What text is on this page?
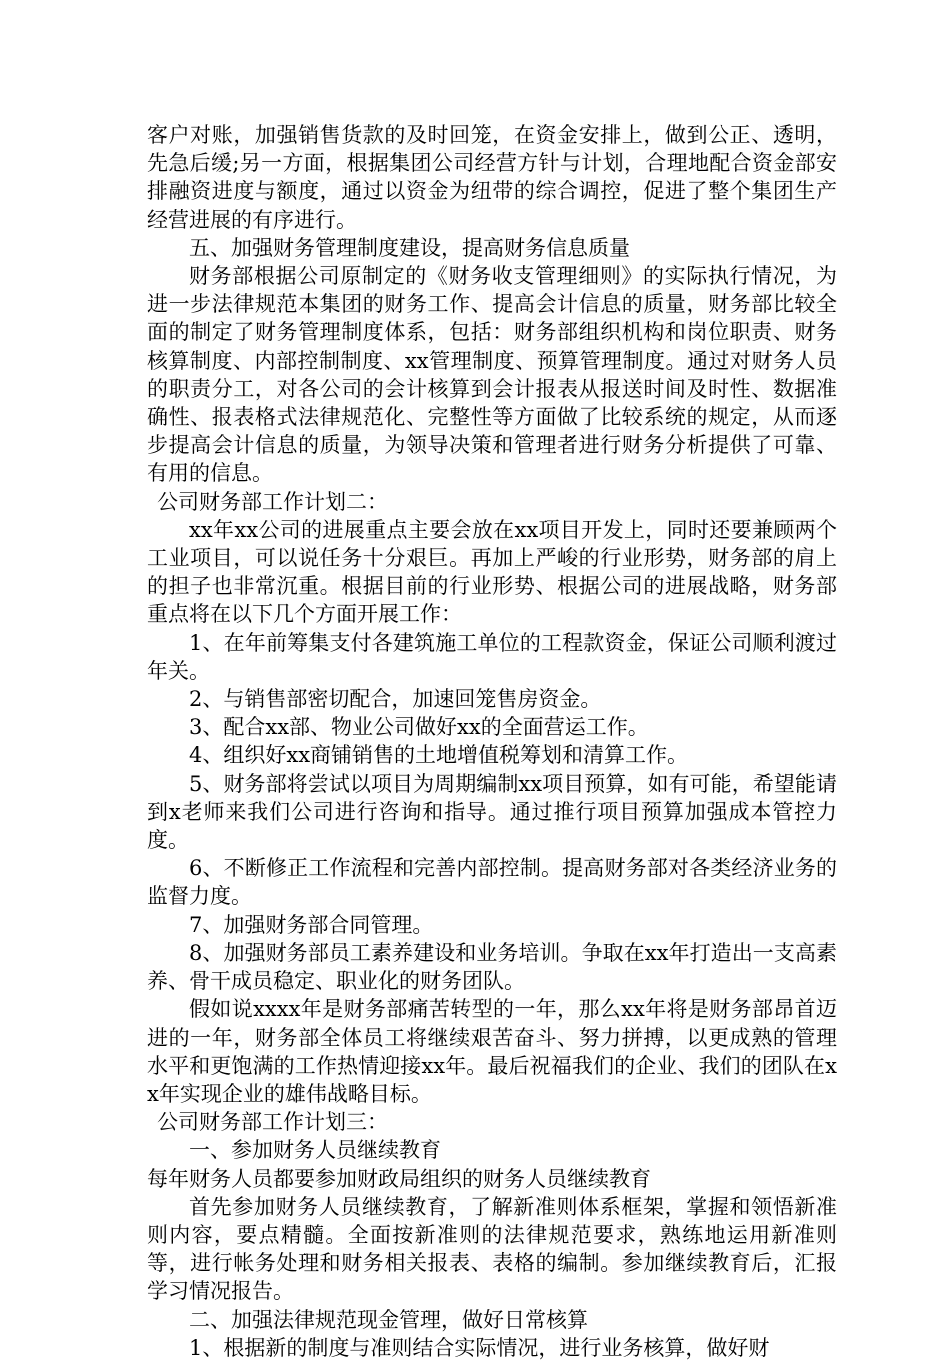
客户对账，加强销售货款的及时回笼，在资金安排上，做到公正、透明，先急后缓;另一方面，根据集团公司经营方针与计划，合理地配合资金部安排融资进度与额度，通过以资金为纽带的综合调控，促进了整个集团生产经营进展的有序进行。

五、加强财务管理制度建设，提高财务信息质量

财务部根据公司原制定的《财务收支管理细则》的实际执行情况，为进一步法律规范本集团的财务工作、提高会计信息的质量，财务部比较全面的制定了财务管理制度体系，包括：财务部组织机构和岗位职责、财务核算制度、内部控制制度、xx管理制度、预算管理制度。通过对财务人员的职责分工，对各公司的会计核算到会计报表从报送时间及时性、数据准确性、报表格式法律规范化、完整性等方面做了比较系统的规定，从而逐步提高会计信息的质量，为领导决策和管理者进行财务分析提供了可靠、有用的信息。

公司财务部工作计划二：

xx年xx公司的进展重点主要会放在xx项目开发上，同时还要兼顾两个工业项目，可以说任务十分艰巨。再加上严峻的行业形势，财务部的肩上的担子也非常沉重。根据目前的行业形势、根据公司的进展战略，财务部重点将在以下几个方面开展工作：

1、在年前筹集支付各建筑施工单位的工程款资金，保证公司顺利渡过年关。

2、与销售部密切配合，加速回笼售房资金。

3、配合xx部、物业公司做好xx的全面营运工作。

4、组织好xx商铺销售的土地增值税筹划和清算工作。

5、财务部将尝试以项目为周期编制xx项目预算，如有可能，希望能请到x老师来我们公司进行咨询和指导。通过推行项目预算加强成本管控力度。

6、不断修正工作流程和完善内部控制。提高财务部对各类经济业务的监督力度。

7、加强财务部合同管理。

8、加强财务部员工素养建设和业务培训。争取在xx年打造出一支高素养、骨干成员稳定、职业化的财务团队。

假如说xxxx年是财务部痛苦转型的一年，那么xx年将是财务部昂首迈进的一年，财务部全体员工将继续艰苦奋斗、努力拼搏，以更成熟的管理水平和更饱满的工作热情迎接xx年。最后祝福我们的企业、我们的团队在xx年实现企业的雄伟战略目标。

公司财务部工作计划三：

一、参加财务人员继续教育

每年财务人员都要参加财政局组织的财务人员继续教育

首先参加财务人员继续教育，了解新准则体系框架，掌握和领悟新准则内容，要点精髓。全面按新准则的法律规范要求，熟练地运用新准则等，进行帐务处理和财务相关报表、表格的编制。参加继续教育后，汇报学习情况报告。

二、加强法律规范现金管理，做好日常核算

1、根据新的制度与准则结合实际情况，进行业务核算，做好财
